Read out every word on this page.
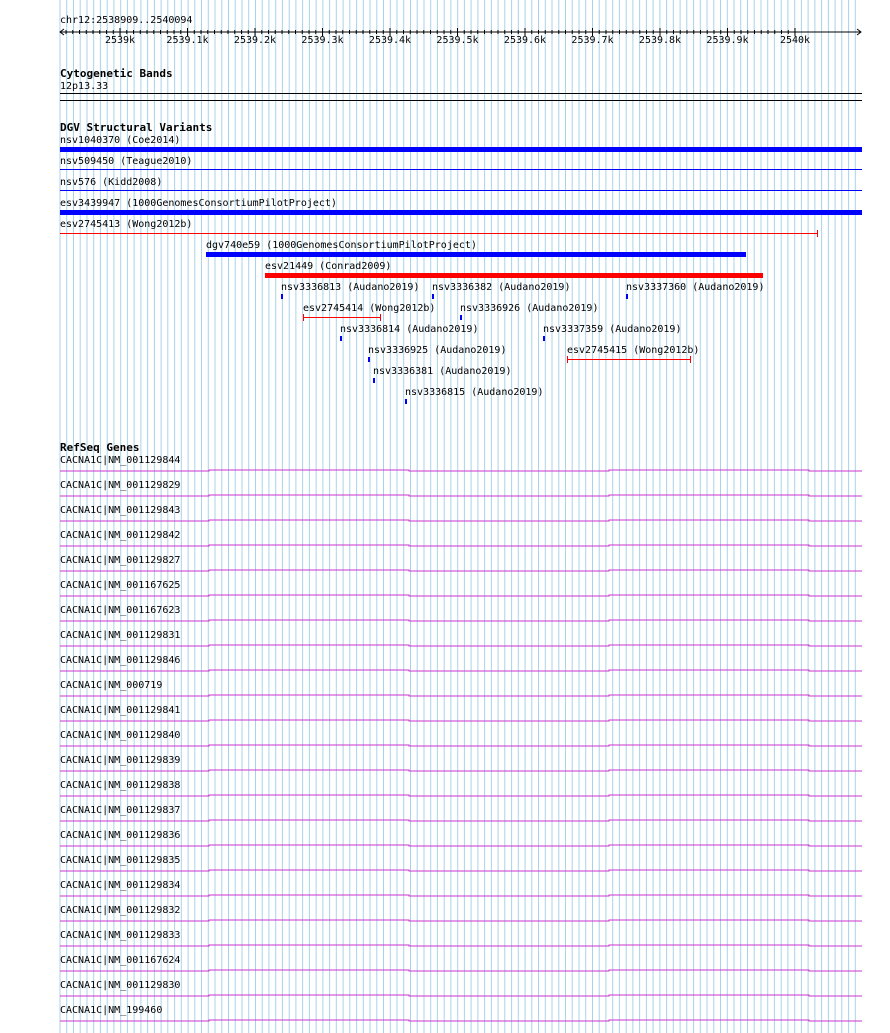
chr12:2538909..2540094
2539k	2539.1k	2539.2k	2539.3k	2539.4k	2539.5k	2539.6k	2539.7k	2539.8k	2539.9k	2540k
Cytogenetic Bands
12p13.33
DGV Structural Variants
nsv1040370 (Coe2014)
nsv509450 (Teague2010)
nsv576 (Kidd2008)
esv3439947 (1000GenomesConsortiumPilotProject)
esv2745413 (Wong2012b)
dgv740e59 (1000GenomesConsortiumPilotProject)
esv21449 (Conrad2009)
nsv3336813 (Audano2019) nsv3336382 (Audano2019)	nsv3337360 (Audano2019)
esv2745414 (Wong2012b) nsv3336926 (Audano2019)
nsv3336814 (Audano2019)	nsv3337359 (Audano2019)
nsv3336925 (Audano2019)	esv2745415 (Wong2012b)
nsv3336381 (Audano2019)
nsv3336815 (Audano2019)
RefSeq Genes
CACNA1C|NM_001129844
CACNA1C|NM_001129829
CACNA1C|NM_001129843
CACNA1C|NM_001129842
CACNA1C|NM_001129827
CACNA1C|NM_001167625
CACNA1C|NM_001167623
CACNA1C|NM_001129831
CACNA1C|NM_001129846
CACNA1C|NM_000719
CACNA1C|NM_001129841
CACNA1C|NM_001129840
CACNA1C|NM_001129839
CACNA1C|NM_001129838
CACNA1C|NM_001129837
CACNA1C|NM_001129836
CACNA1C|NM_001129835
CACNA1C|NM_001129834
CACNA1C|NM_001129832
CACNA1C|NM_001129833
CACNA1C|NM_001167624
CACNA1C|NM_001129830
CACNA1C|NM_199460
